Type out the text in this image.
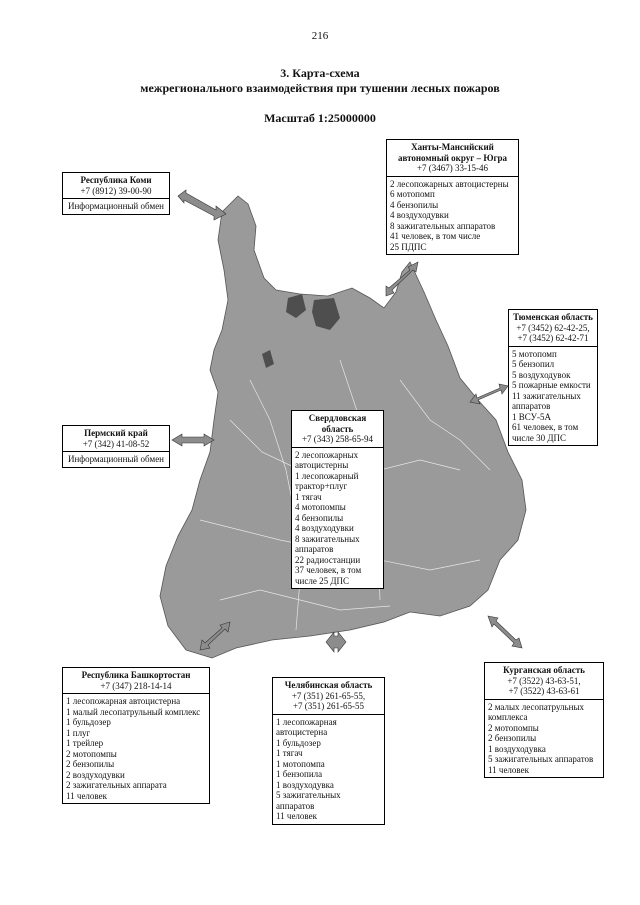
216
3. Карта-схема
межрегионального взаимодействия при тушении лесных пожаров
Масштаб 1:25000000
Республика Коми
+7 (8912) 39-00-90
Информационный обмен
Ханты-Мансийский автономный округ – Югра
+7 (3467) 33-15-46
2 лесопожарных автоцистерны
6 мотопомп
4 бензопилы
4 воздуходувки
8 зажигательных аппаратов
41 человек, в том числе
25 ПДПС
Тюменская область
+7 (3452) 62-42-25,
+7 (3452) 62-42-71
5 мотопомп
5 бензопил
5 воздуходувок
5 пожарные емкости
11 зажигательных аппаратов
1 ВСУ-5А
61 человек, в том числе 30 ДПС
Пермский край
+7 (342) 41-08-52
Информационный обмен
Свердловская область
+7 (343) 258-65-94
2 лесопожарных автоцистерны
1 лесопожарный трактор+плуг
1 тягач
4 мотопомпы
4 бензопилы
4 воздуходувки
8 зажигательных аппаратов
22 радиостанции
37 человек, в том числе 25 ДПС
Республика Башкортостан
+7 (347) 218-14-14
1 лесопожарная автоцистерна
1 малый лесопатрульный комплекс
1 бульдозер
1 плуг
1 трейлер
2 мотопомпы
2 бензопилы
2 воздуходувки
2 зажигательных аппарата
11 человек
Челябинская область
+7 (351) 261-65-55,
+7 (351) 261-65-55
1 лесопожарная автоцистерна
1 бульдозер
1 тягач
1 мотопомпа
1 бензопила
1 воздуходувка
5 зажигательных аппаратов
11 человек
Курганская область
+7 (3522) 43-63-51,
+7 (3522) 43-63-61
2 малых лесопатрульных комплекса
2 мотопомпы
2 бензопилы
1 воздуходувка
5 зажигательных аппаратов
11 человек
